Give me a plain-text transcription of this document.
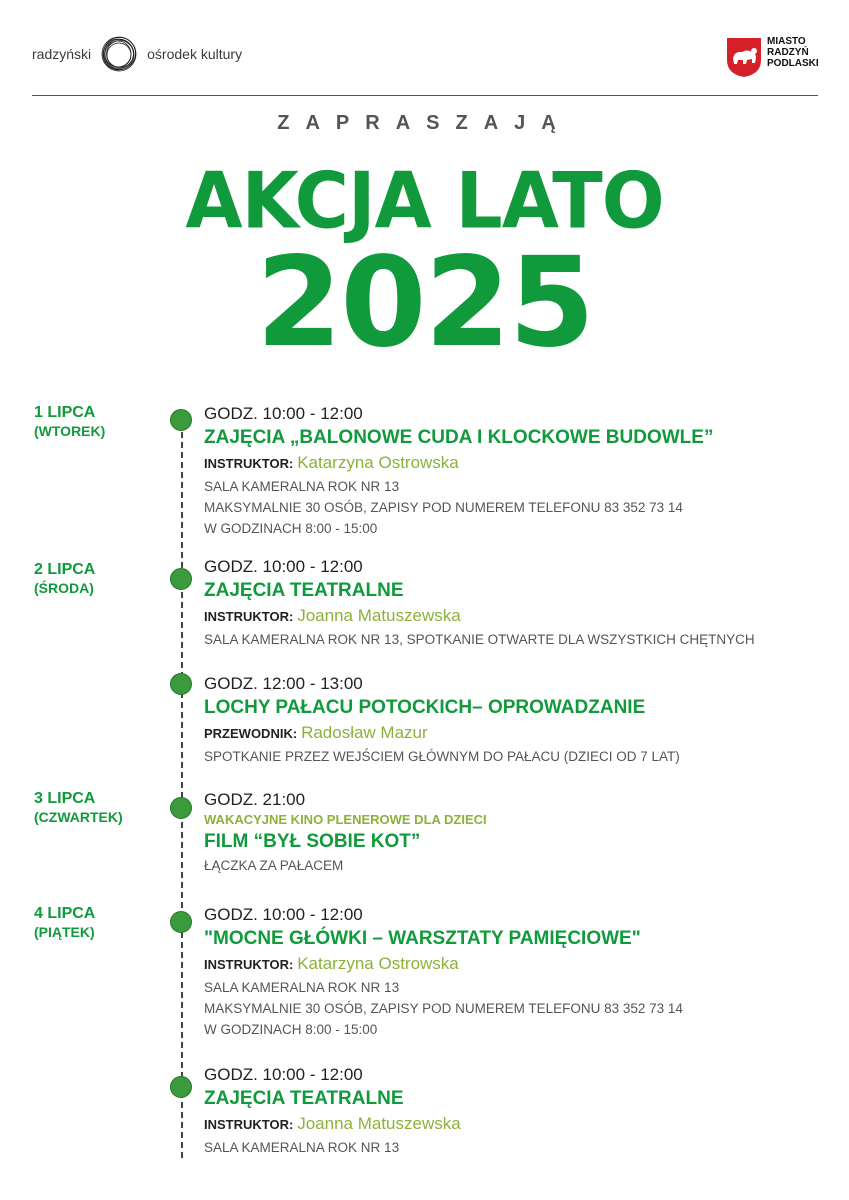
radzyński	ośrodek kultury
MIASTO
RADZYŃ
PODLASKI
ZAPRASZAJĄ
AKCJA LATO
2025
1 LIPCA
(WTOREK)
2 LIPCA
(ŚRODA)
3 LIPCA
(CZWARTEK)
4 LIPCA
(PIĄTEK)
GODZ. 10:00 - 12:00
ZAJĘCIA „BALONOWE CUDA I KLOCKOWE BUDOWLE”
INSTRUKTOR: Katarzyna Ostrowska
SALA KAMERALNA ROK NR 13
MAKSYMALNIE 30 OSÓB, ZAPISY POD NUMEREM TELEFONU 83 352 73 14
W GODZINACH 8:00 - 15:00
GODZ. 10:00 - 12:00
ZAJĘCIA TEATRALNE
INSTRUKTOR: Joanna Matuszewska
SALA KAMERALNA ROK NR 13, SPOTKANIE OTWARTE DLA WSZYSTKICH CHĘTNYCH
GODZ. 12:00 - 13:00
LOCHY PAŁACU POTOCKICH– OPROWADZANIE
PRZEWODNIK: Radosław Mazur
SPOTKANIE PRZEZ WEJŚCIEM GŁÓWNYM DO PAŁACU (DZIECI OD 7 LAT)
GODZ. 21:00
WAKACYJNE KINO PLENEROWE DLA DZIECI
FILM “BYŁ SOBIE KOT”
ŁĄCZKA ZA PAŁACEM
GODZ. 10:00 - 12:00
"MOCNE GŁÓWKI – WARSZTATY PAMIĘCIOWE"
INSTRUKTOR: Katarzyna Ostrowska
SALA KAMERALNA ROK NR 13
MAKSYMALNIE 30 OSÓB, ZAPISY POD NUMEREM TELEFONU 83 352 73 14
W GODZINACH 8:00 - 15:00
GODZ. 10:00 - 12:00
ZAJĘCIA TEATRALNE
INSTRUKTOR: Joanna Matuszewska
SALA KAMERALNA ROK NR 13
